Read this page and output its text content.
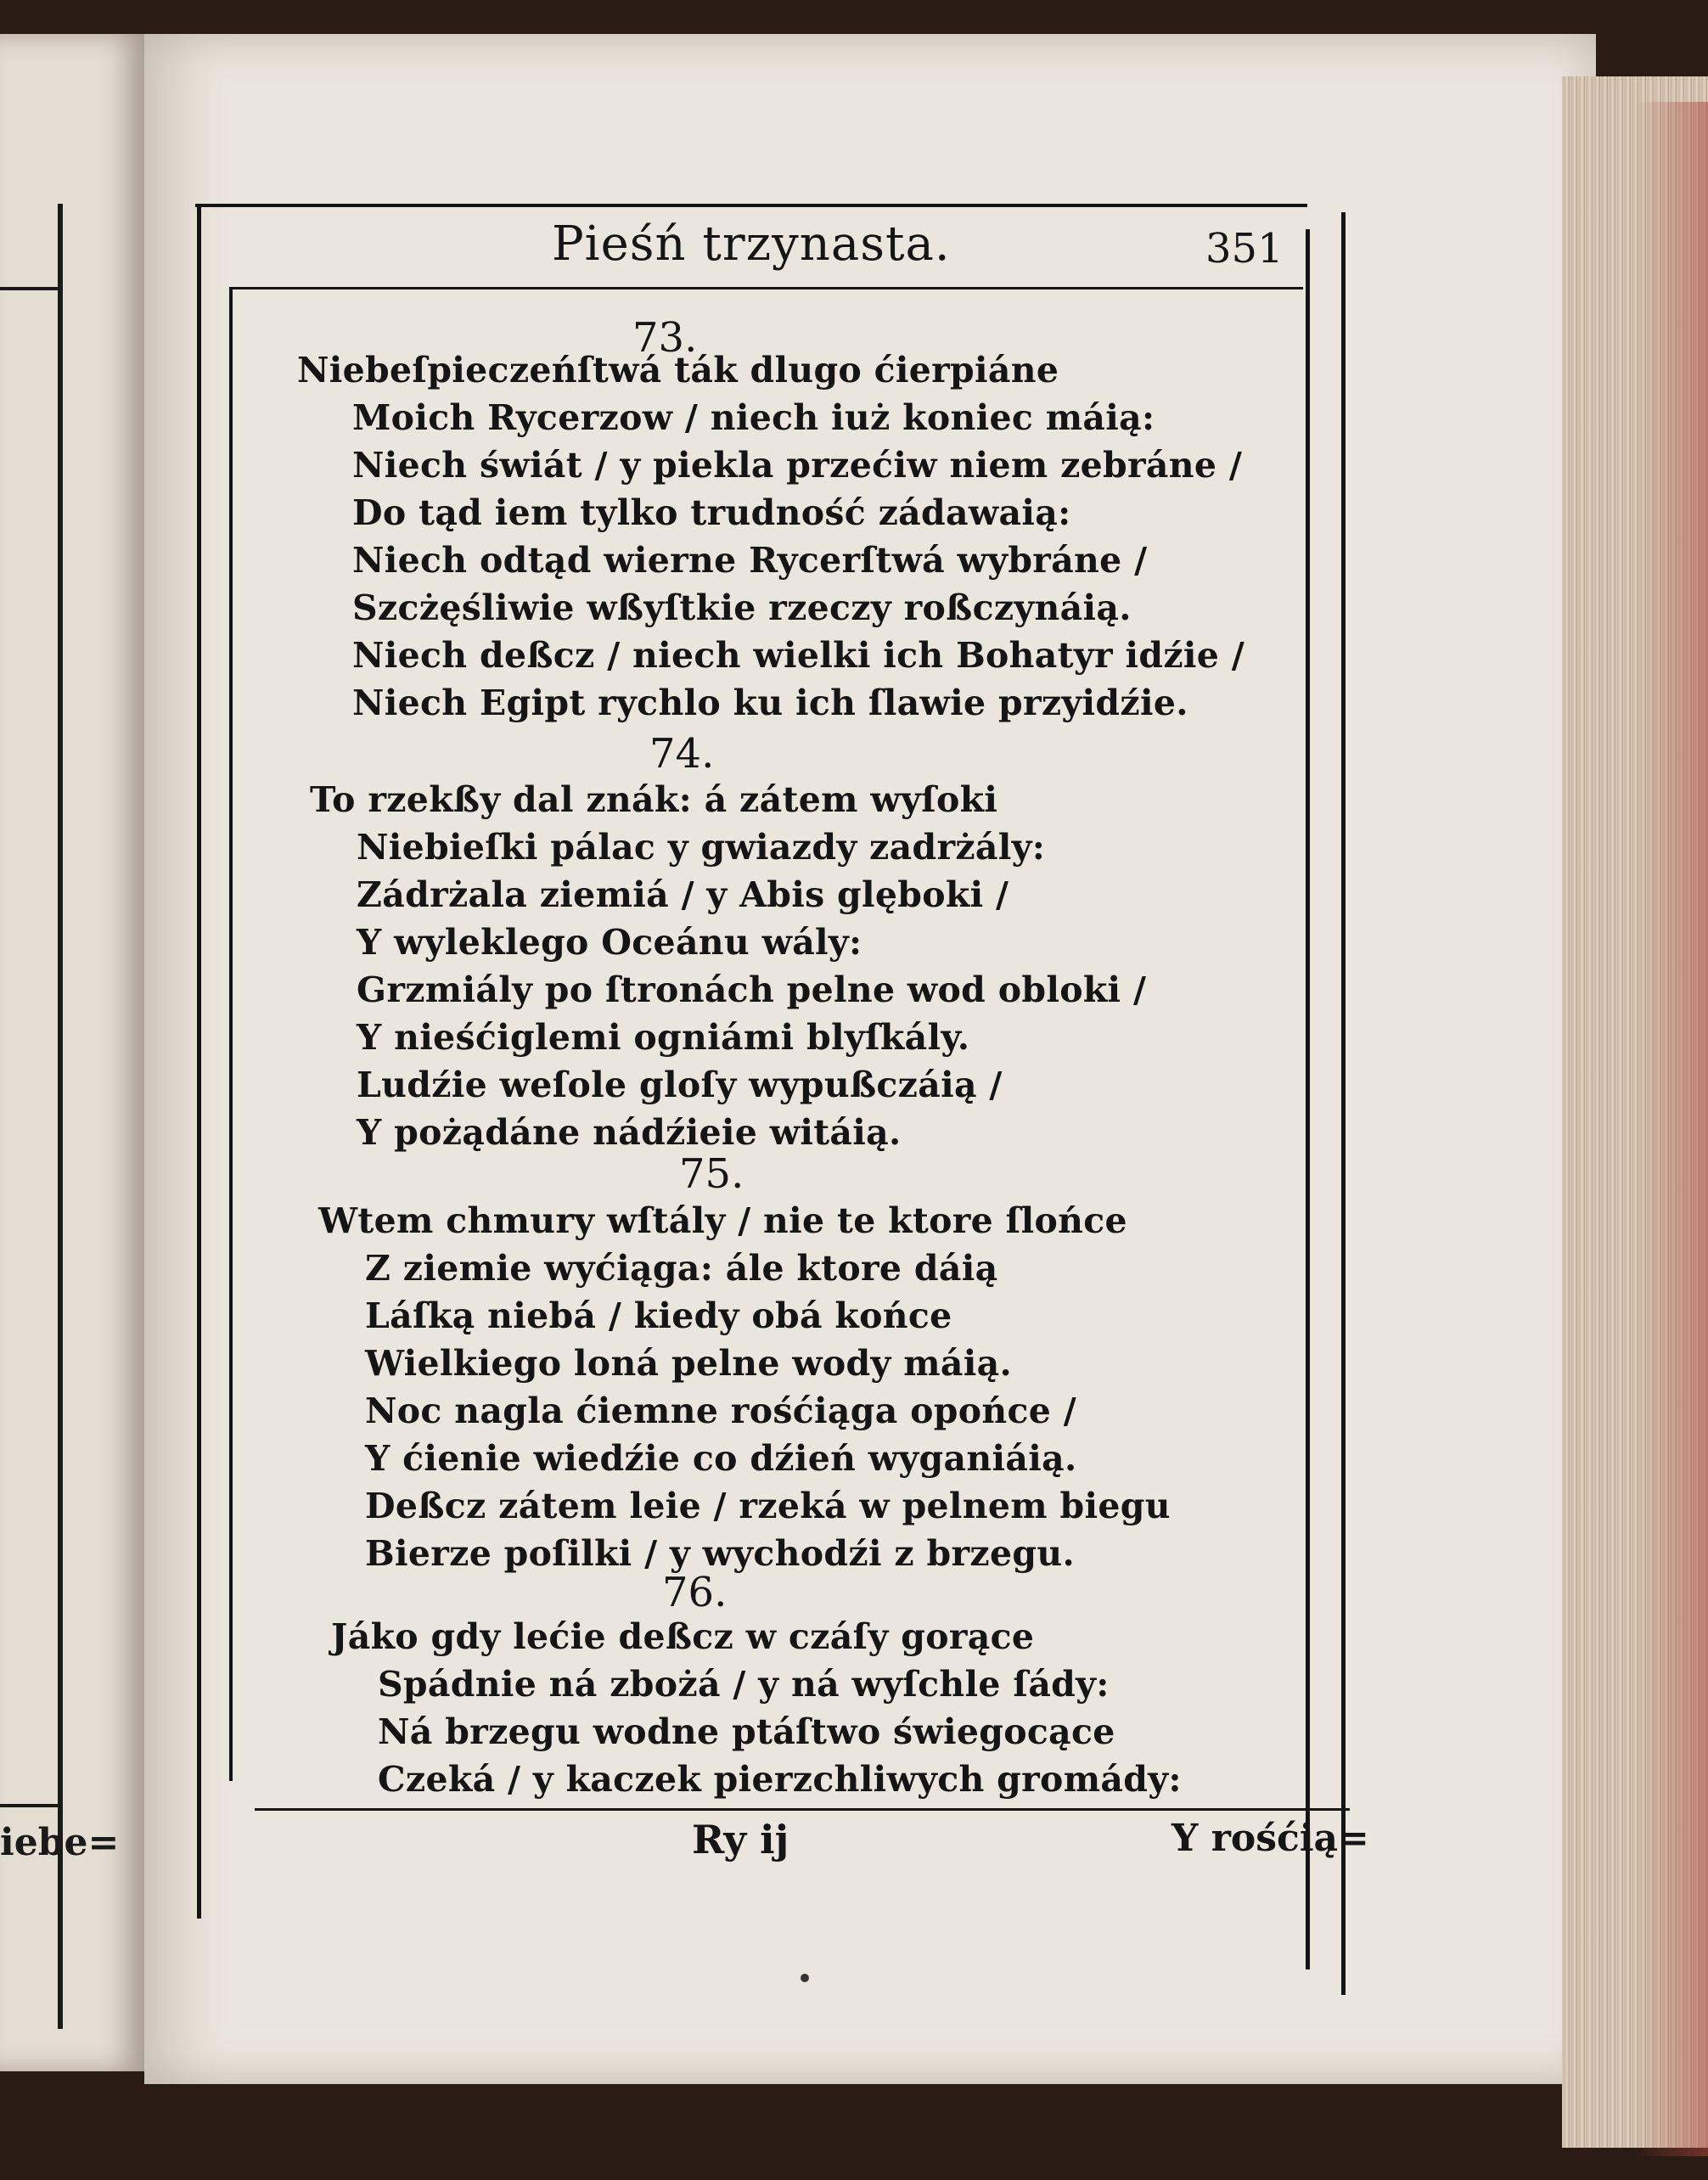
iebe=
Pieśń trzynasta.	351
73.
Niebeſpieczeńſtwá ták dlugo ćierpiáne
Moich Rycerzow / niech iuż koniec máią:
Niech świát / y piekla przećiw niem zebráne /
Do tąd iem tylko trudność zádawaią:
Niech odtąd wierne Rycerſtwá wybráne /
Szcżęśliwie wßyſtkie rzeczy roßczynáią.
Niech deßcz / niech wielki ich Bohatyr idźie /
Niech Egipt rychlo ku ich ſlawie przyidźie.
74.
To rzekßy dal znák: á zátem wyſoki
Niebieſki pálac y gwiazdy zadrżály:
Zádrżala ziemiá / y Abis glęboki /
Y wyleklego Oceánu wály:
Grzmiály po ſtronách pelne wod obloki /
Y nieśćiglemi ogniámi blyſkály.
Ludźie weſole gloſy wypußczáią /
Y pożądáne nádźieie witáią.
75.
Wtem chmury wſtály / nie te ktore ſlońce
Z ziemie wyćiąga: ále ktore dáią
Láſką niebá / kiedy obá końce
Wielkiego loná pelne wody máią.
Noc nagla ćiemne rośćiąga opońce /
Y ćienie wiedźie co dźień wyganiáią.
Deßcz zátem leie / rzeká w pelnem biegu
Bierze poſilki / y wychodźi z brzegu.
76.
Jáko gdy lećie deßcz w czáſy gorące
Spádnie ná zbożá / y ná wyſchle ſády:
Ná brzegu wodne ptáſtwo świegocące
Czeká / y kaczek pierzchliwych gromády:
Ry ij	Y rośćią=
